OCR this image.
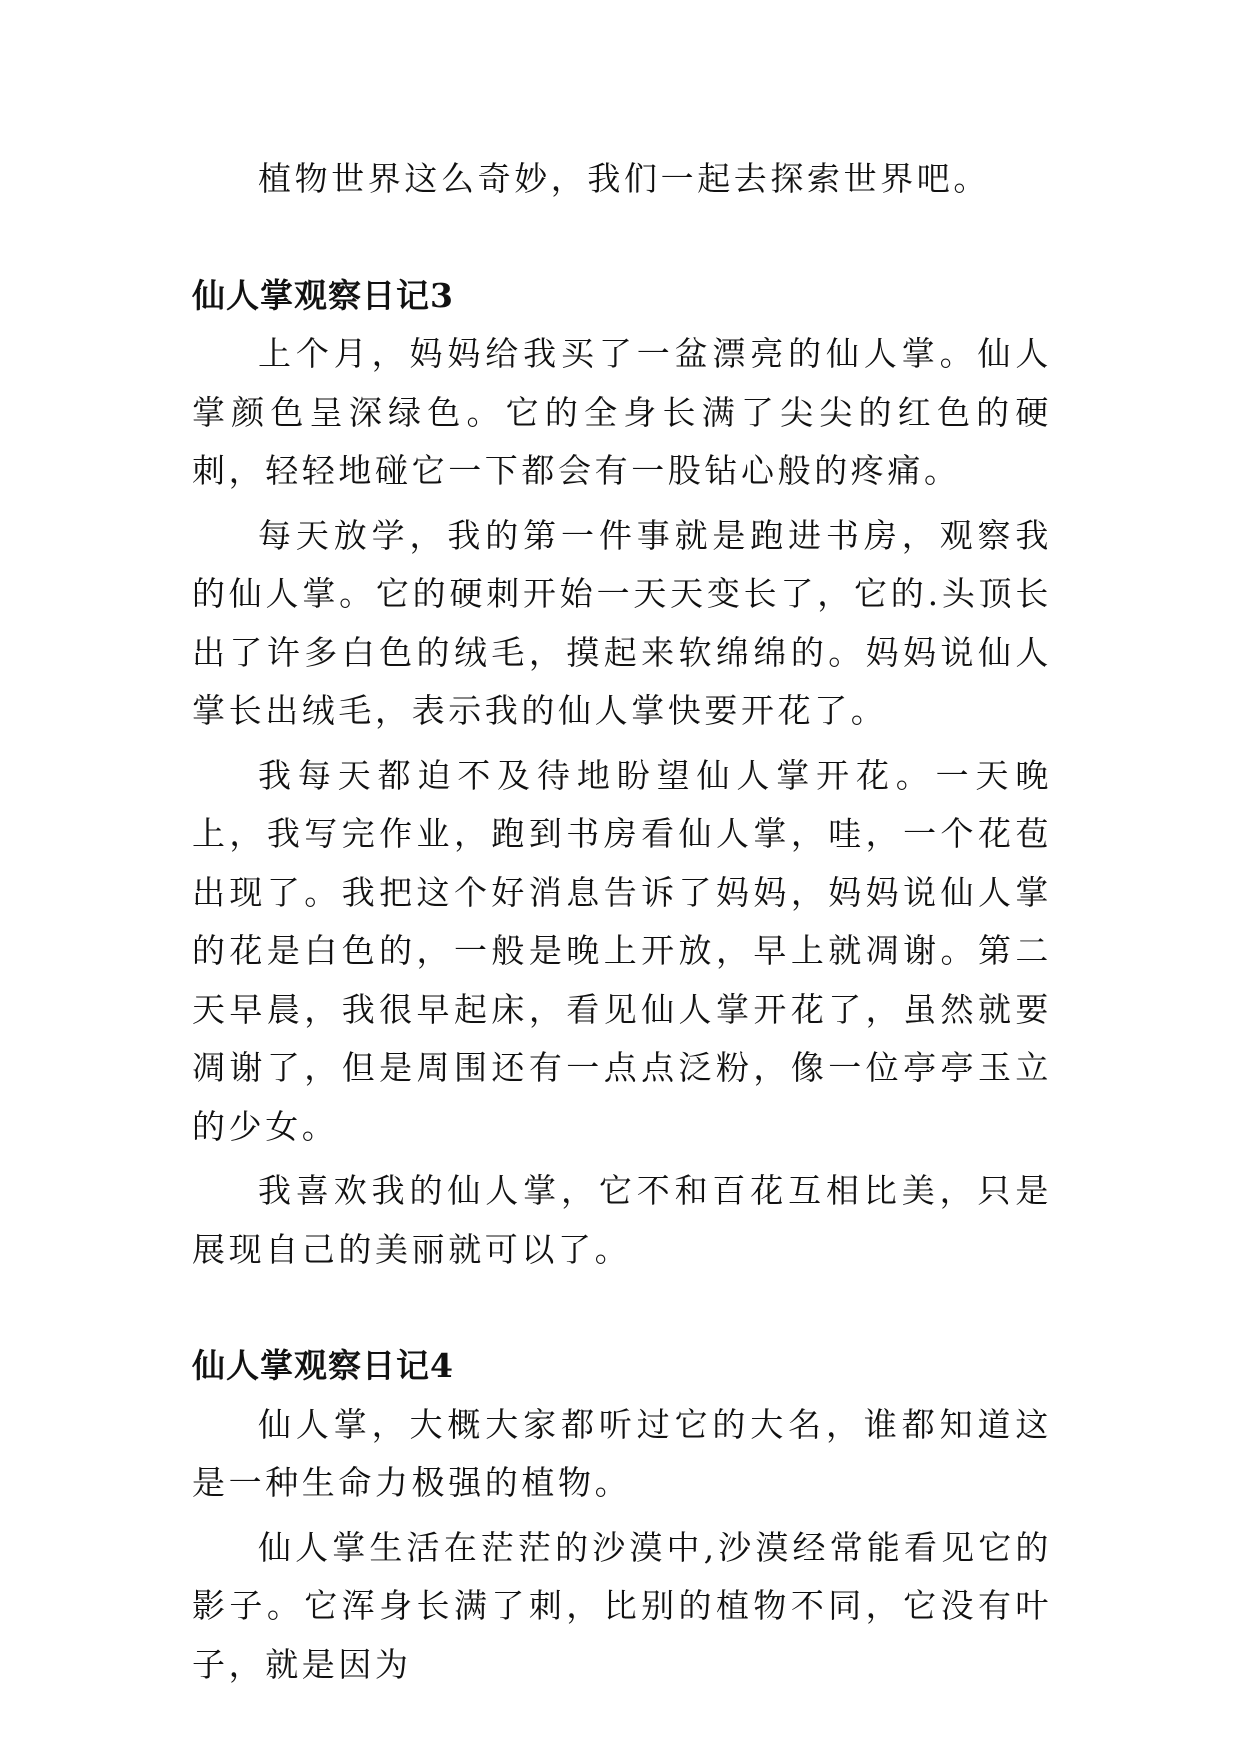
植物世界这么奇妙，我们一起去探索世界吧。

仙人掌观察日记3

上个月，妈妈给我买了一盆漂亮的仙人掌。仙人掌颜色呈深绿色。它的全身长满了尖尖的红色的硬刺，轻轻地碰它一下都会有一股钻心般的疼痛。

每天放学，我的第一件事就是跑进书房，观察我的仙人掌。它的硬刺开始一天天变长了，它的.头顶长出了许多白色的绒毛，摸起来软绵绵的。妈妈说仙人掌长出绒毛，表示我的仙人掌快要开花了。

我每天都迫不及待地盼望仙人掌开花。一天晚上，我写完作业，跑到书房看仙人掌，哇，一个花苞出现了。我把这个好消息告诉了妈妈，妈妈说仙人掌的花是白色的，一般是晚上开放，早上就凋谢。第二天早晨，我很早起床，看见仙人掌开花了，虽然就要凋谢了，但是周围还有一点点泛粉，像一位亭亭玉立的少女。

我喜欢我的仙人掌，它不和百花互相比美，只是展现自己的美丽就可以了。

仙人掌观察日记4

仙人掌，大概大家都听过它的大名，谁都知道这是一种生命力极强的植物。

仙人掌生活在茫茫的沙漠中,沙漠经常能看见它的影子。它浑身长满了刺，比别的植物不同，它没有叶子，就是因为
